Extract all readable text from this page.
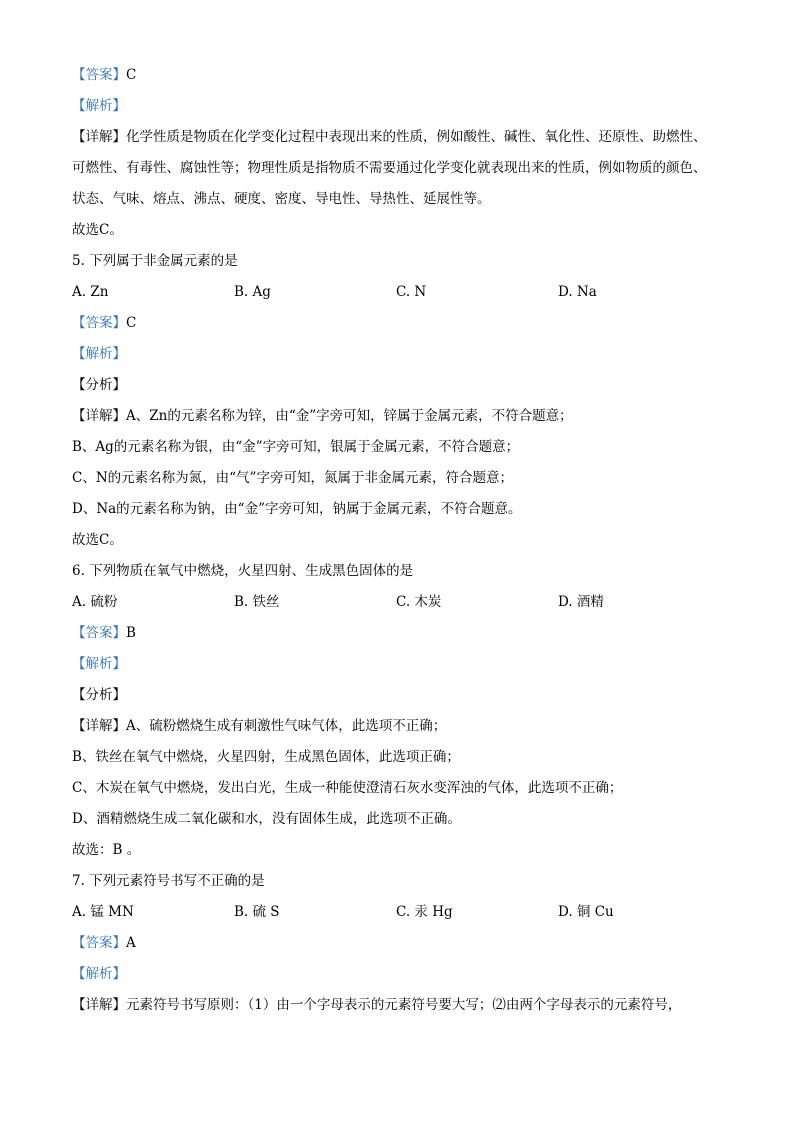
【答案】C
【解析】
【详解】化学性质是物质在化学变化过程中表现出来的性质，例如酸性、碱性、氧化性、还原性、助燃性、
可燃性、有毒性、腐蚀性等；物理性质是指物质不需要通过化学变化就表现出来的性质，例如物质的颜色、
状态、气味、熔点、沸点、硬度、密度、导电性、导热性、延展性等。
故选C。
5. 下列属于非金属元素的是
A. Zn	B. Ag	C. N	D. Na
【答案】C
【解析】
【分析】
【详解】A、Zn的元素名称为锌，由“金”字旁可知，锌属于金属元素，不符合题意；
B、Ag的元素名称为银，由“金”字旁可知，银属于金属元素，不符合题意；
C、N的元素名称为氮，由“气”字旁可知，氮属于非金属元素，符合题意；
D、Na的元素名称为钠，由“金”字旁可知，钠属于金属元素，不符合题意。
故选C。
6. 下列物质在氧气中燃烧，火星四射、生成黑色固体的是
A. 硫粉	B. 铁丝	C. 木炭	D. 酒精
【答案】B
【解析】
【分析】
【详解】A、硫粉燃烧生成有刺激性气味气体，此选项不正确；
B、铁丝在氧气中燃烧，火星四射，生成黑色固体，此选项正确；
C、木炭在氧气中燃烧，发出白光，生成一种能使澄清石灰水变浑浊的气体，此选项不正确；
D、酒精燃烧生成二氧化碳和水，没有固体生成，此选项不正确。
故选：B 。
7. 下列元素符号书写不正确的是
A. 锰 MN	B. 硫 S	C. 汞 Hg	D. 铜 Cu
【答案】A
【解析】
【详解】元素符号书写原则：（1）由一个字母表示的元素符号要大写；⑵由两个字母表示的元素符号，
